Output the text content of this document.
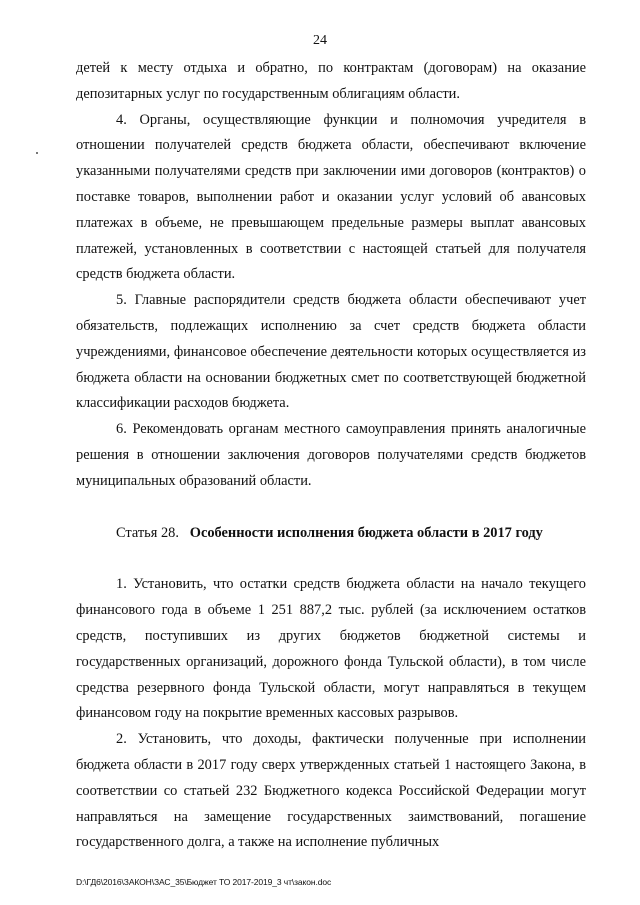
24

детей к месту отдыха и обратно, по контрактам (договорам) на оказание депозитарных услуг по государственным облигациям области.

4. Органы, осуществляющие функции и полномочия учредителя в отношении получателей средств бюджета области, обеспечивают включение указанными получателями средств при заключении ими договоров (контрактов) о поставке товаров, выполнении работ и оказании услуг условий об авансовых платежах в объеме, не превышающем предельные размеры выплат авансовых платежей, установленных в соответствии с настоящей статьей для получателя средств бюджета области.

5. Главные распорядители средств бюджета области обеспечивают учет обязательств, подлежащих исполнению за счет средств бюджета области учреждениями, финансовое обеспечение деятельности которых осуществляется из бюджета области на основании бюджетных смет по соответствующей бюджетной классификации расходов бюджета.

6. Рекомендовать органам местного самоуправления принять аналогичные решения в отношении заключения договоров получателями средств бюджетов муниципальных образований области.

Статья 28. Особенности исполнения бюджета области в 2017 году

1. Установить, что остатки средств бюджета области на начало текущего финансового года в объеме 1 251 887,2 тыс. рублей (за исключением остатков средств, поступивших из других бюджетов бюджетной системы и государственных организаций, дорожного фонда Тульской области), в том числе средства резервного фонда Тульской области, могут направляться в текущем финансовом году на покрытие временных кассовых разрывов.

2. Установить, что доходы, фактически полученные при исполнении бюджета области в 2017 году сверх утвержденных статьей 1 настоящего Закона, в соответствии со статьей 232 Бюджетного кодекса Российской Федерации могут направляться на замещение государственных заимствований, погашение государственного долга, а также на исполнение публичных

D:\ГД6\2016\ЗАКОН\ЗАС_35\Бюджет ТО 2017-2019_3 чт\закон.doc
